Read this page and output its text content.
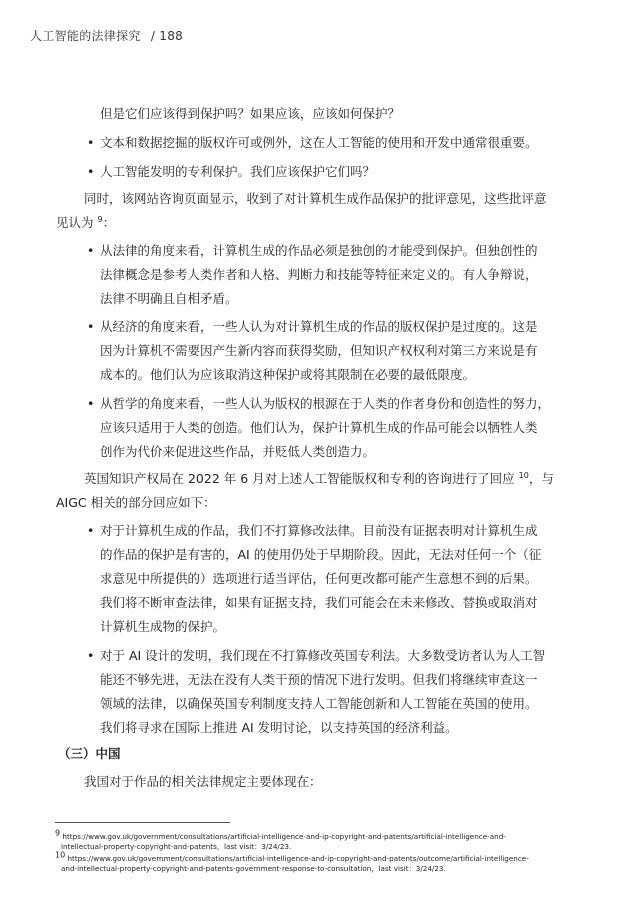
人工智能的法律探究 / 188
但是它们应该得到保护吗？如果应该，应该如何保护？
• 文本和数据挖掘的版权许可或例外，这在人工智能的使用和开发中通常很重要。
• 人工智能发明的专利保护。我们应该保护它们吗？
同时，该网站咨询页面显示，收到了对计算机生成作品保护的批评意见，这些批评意
见认为 $^9$：
• 从法律的角度来看，计算机生成的作品必须是独创的才能受到保护。但独创性的
法律概念是参考人类作者和人格、判断力和技能等特征来定义的。有人争辩说，
法律不明确且自相矛盾。
• 从经济的角度来看，一些人认为对计算机生成的作品的版权保护是过度的。这是
因为计算机不需要因产生新内容而获得奖励，但知识产权权利对第三方来说是有
成本的。他们认为应该取消这种保护或将其限制在必要的最低限度。
• 从哲学的角度来看，一些人认为版权的根源在于人类的作者身份和创造性的努力，
应该只适用于人类的创造。他们认为，保护计算机生成的作品可能会以牺牲人类
创作为代价来促进这些作品，并贬低人类创造力。
英国知识产权局在 2022 年 6 月对上述人工智能版权和专利的咨询进行了回应 $^{10}$，与
AIGC 相关的部分回应如下：
• 对于计算机生成的作品，我们不打算修改法律。目前没有证据表明对计算机生成
的作品的保护是有害的，AI 的使用仍处于早期阶段。因此，无法对任何一个（征
求意见中所提供的）选项进行适当评估，任何更改都可能产生意想不到的后果。
我们将不断审查法律，如果有证据支持，我们可能会在未来修改、替换或取消对
计算机生成物的保护。
• 对于 AI 设计的发明，我们现在不打算修改英国专利法。大多数受访者认为人工智
能还不够先进，无法在没有人类干预的情况下进行发明。但我们将继续审查这一
领域的法律，以确保英国专利制度支持人工智能创新和人工智能在英国的使用。
我们将寻求在国际上推进 AI 发明讨论，以支持英国的经济利益。
（三）中国
我国对于作品的相关法律规定主要体现在：
$^9$ https://www.gov.uk/government/consultations/artificial-intelligence-and-ip-copyright-and-patents/artificial-intelligence-and-
intellectual-property-copyright-and-patents，last visit：3/24/23.
$^{10}$ https://www.gov.uk/government/consultations/artificial-intelligence-and-ip-copyright-and-patents/outcome/artificial-intelligence-
and-intellectual-property-copyright-and-patents-government-response-to-consultation，last visit：3/24/23.
